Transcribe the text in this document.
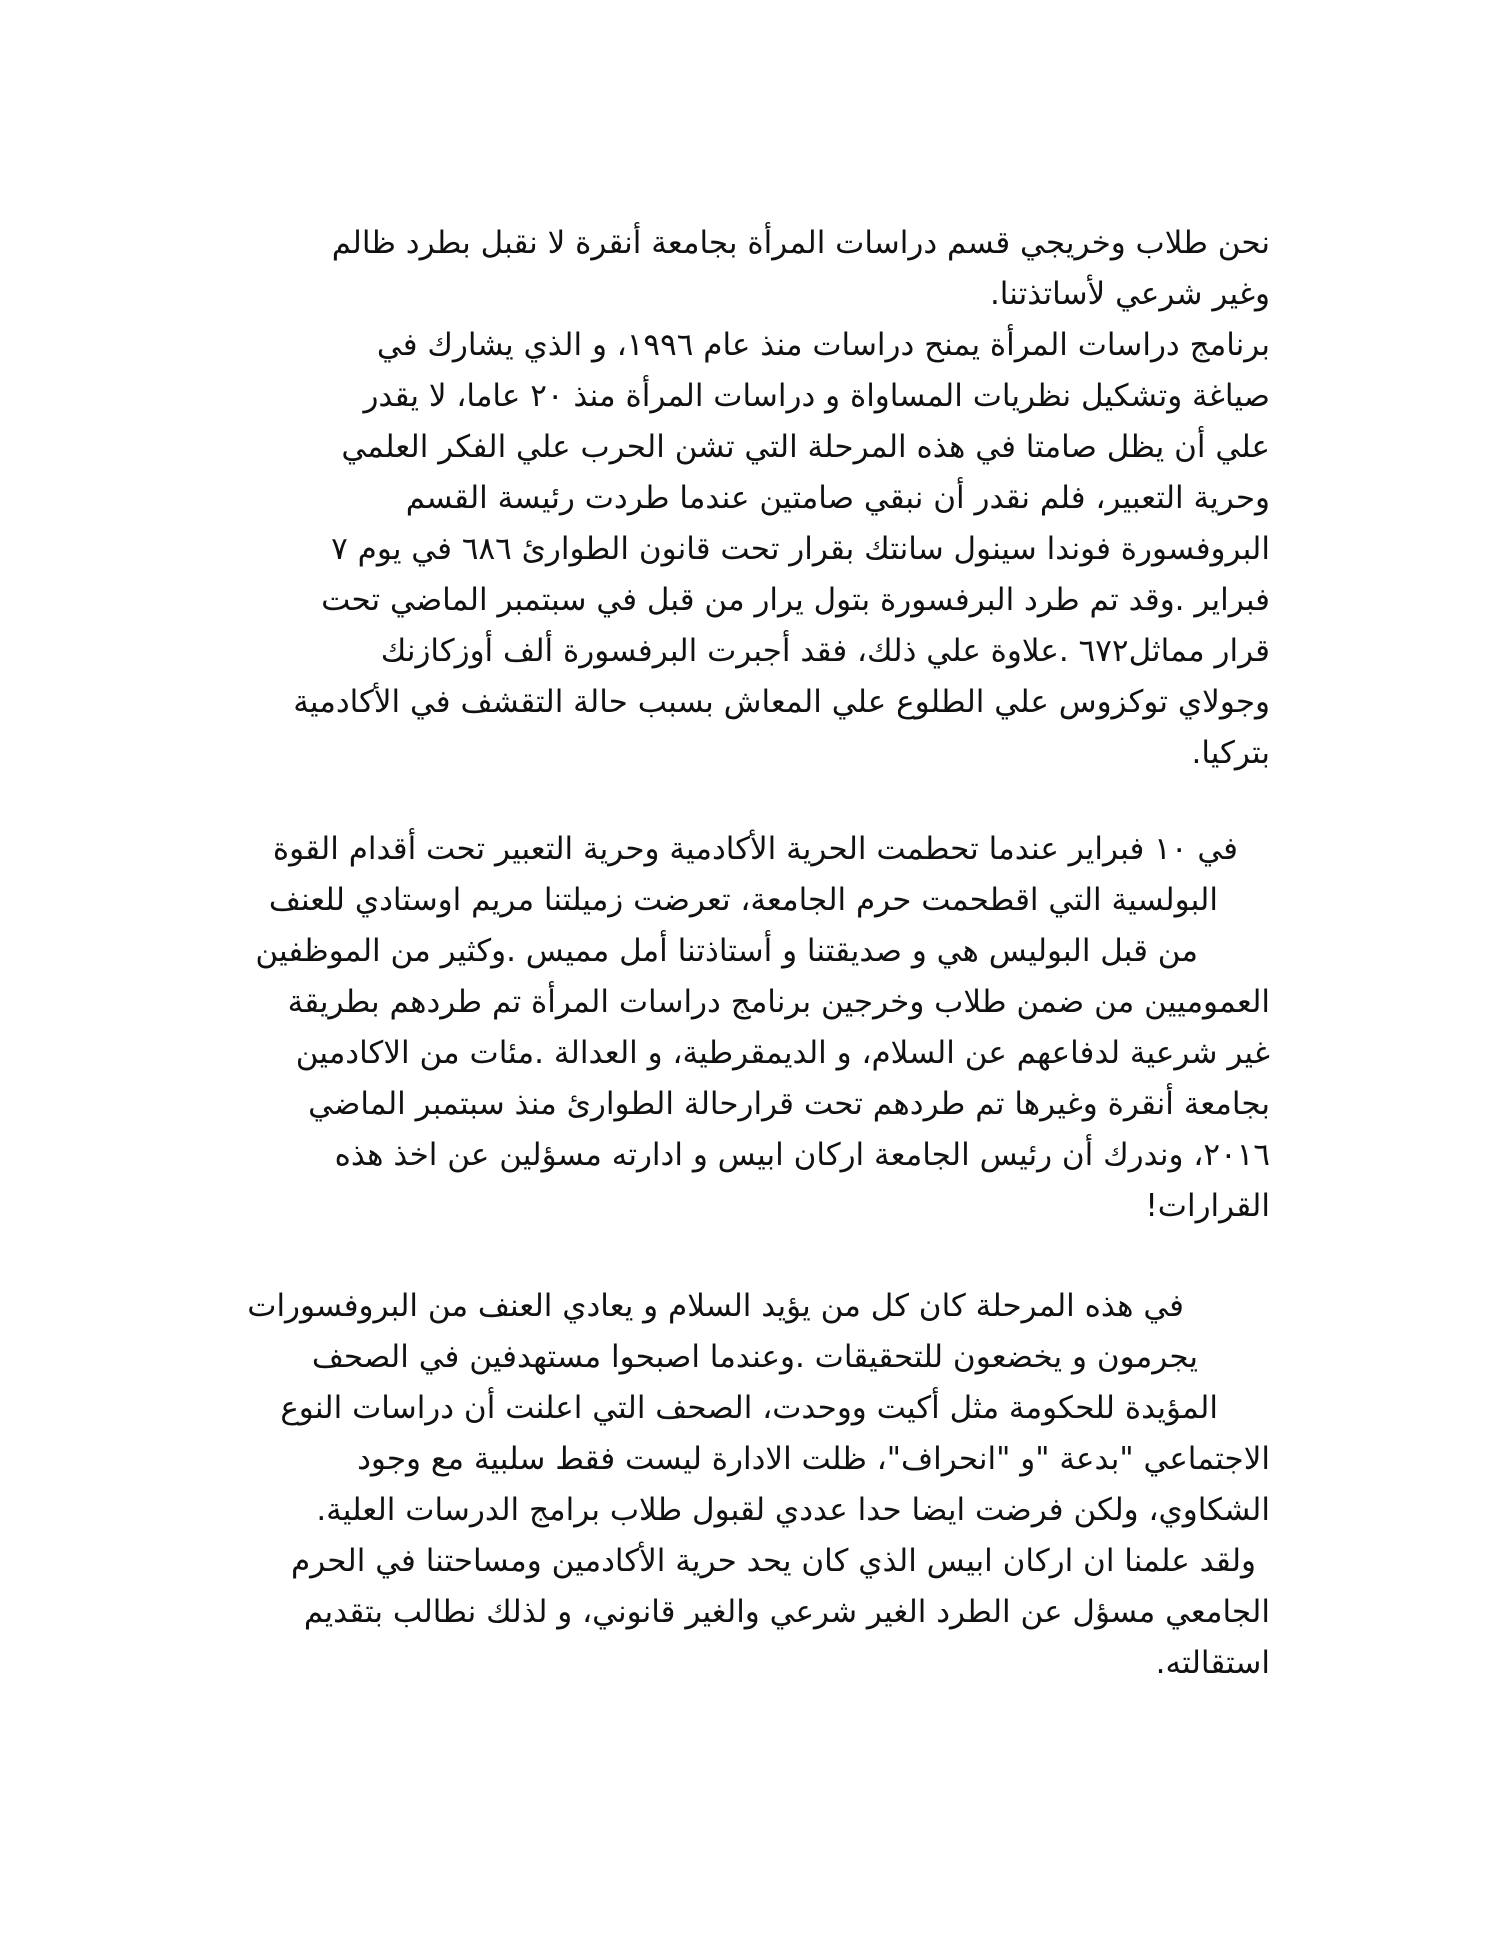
نحن طلاب وخريجي قسم دراسات المرأة بجامعة أنقرة لا نقبل بطرد ظالم
وغير شرعي لأساتذتنا.
برنامج دراسات المرأة يمنح دراسات منذ عام ١٩٩٦، و الذي يشارك في
صياغة وتشكيل نظريات المساواة و دراسات المرأة منذ ٢٠ عاما، لا يقدر
علي أن يظل صامتا في هذه المرحلة التي تشن الحرب علي الفكر العلمي
وحرية التعبير، فلم نقدر أن نبقي صامتين عندما طردت رئيسة القسم
البروفسورة فوندا سينول سانتك بقرار تحت قانون الطوارئ ٦٨٦ في يوم ٧
فبراير .وقد تم طرد البرفسورة بتول يرار من قبل في سبتمبر الماضي تحت
قرار مماثل٦٧٢ .علاوة علي ذلك، فقد أجبرت البرفسورة ألف أوزكازنك
وجولاي توكزوس علي الطلوع علي المعاش بسبب حالة التقشف في الأكادمية
بتركيا.
في ١٠ فبراير عندما تحطمت الحرية الأكادمية وحرية التعبير تحت أقدام القوة
البولسية التي اقطحمت حرم الجامعة، تعرضت زميلتنا مريم اوستادي للعنف
من قبل البوليس هي و صديقتنا و أستاذتنا أمل مميس .وكثير من الموظفين
العموميين من ضمن طلاب وخرجين برنامج دراسات المرأة تم طردهم بطريقة
غير شرعية لدفاعهم عن السلام، و الديمقرطية، و العدالة .مئات من الاكادمين
بجامعة أنقرة وغيرها تم طردهم تحت قرارحالة الطوارئ منذ سبتمبر الماضي
٢٠١٦، وندرك أن رئيس الجامعة اركان ابيس و ادارته مسؤلين عن اخذ هذه
القرارات!
في هذه المرحلة كان كل من يؤيد السلام و يعادي العنف من البروفسورات
يجرمون و يخضعون للتحقيقات .وعندما اصبحوا مستهدفين في الصحف
المؤيدة للحكومة مثل أكيت ووحدت، الصحف التي اعلنت أن دراسات النوع
الاجتماعي "بدعة "و "انحراف"، ظلت الادارة ليست فقط سلبية مع وجود
الشكاوي، ولكن فرضت ايضا حدا عددي لقبول طلاب برامج الدرسات العلية.
ولقد علمنا ان اركان ابيس الذي كان يحد حرية الأكادمين ومساحتنا في الحرم
الجامعي مسؤل عن الطرد الغير شرعي والغير قانوني، و لذلك نطالب بتقديم
استقالته.
